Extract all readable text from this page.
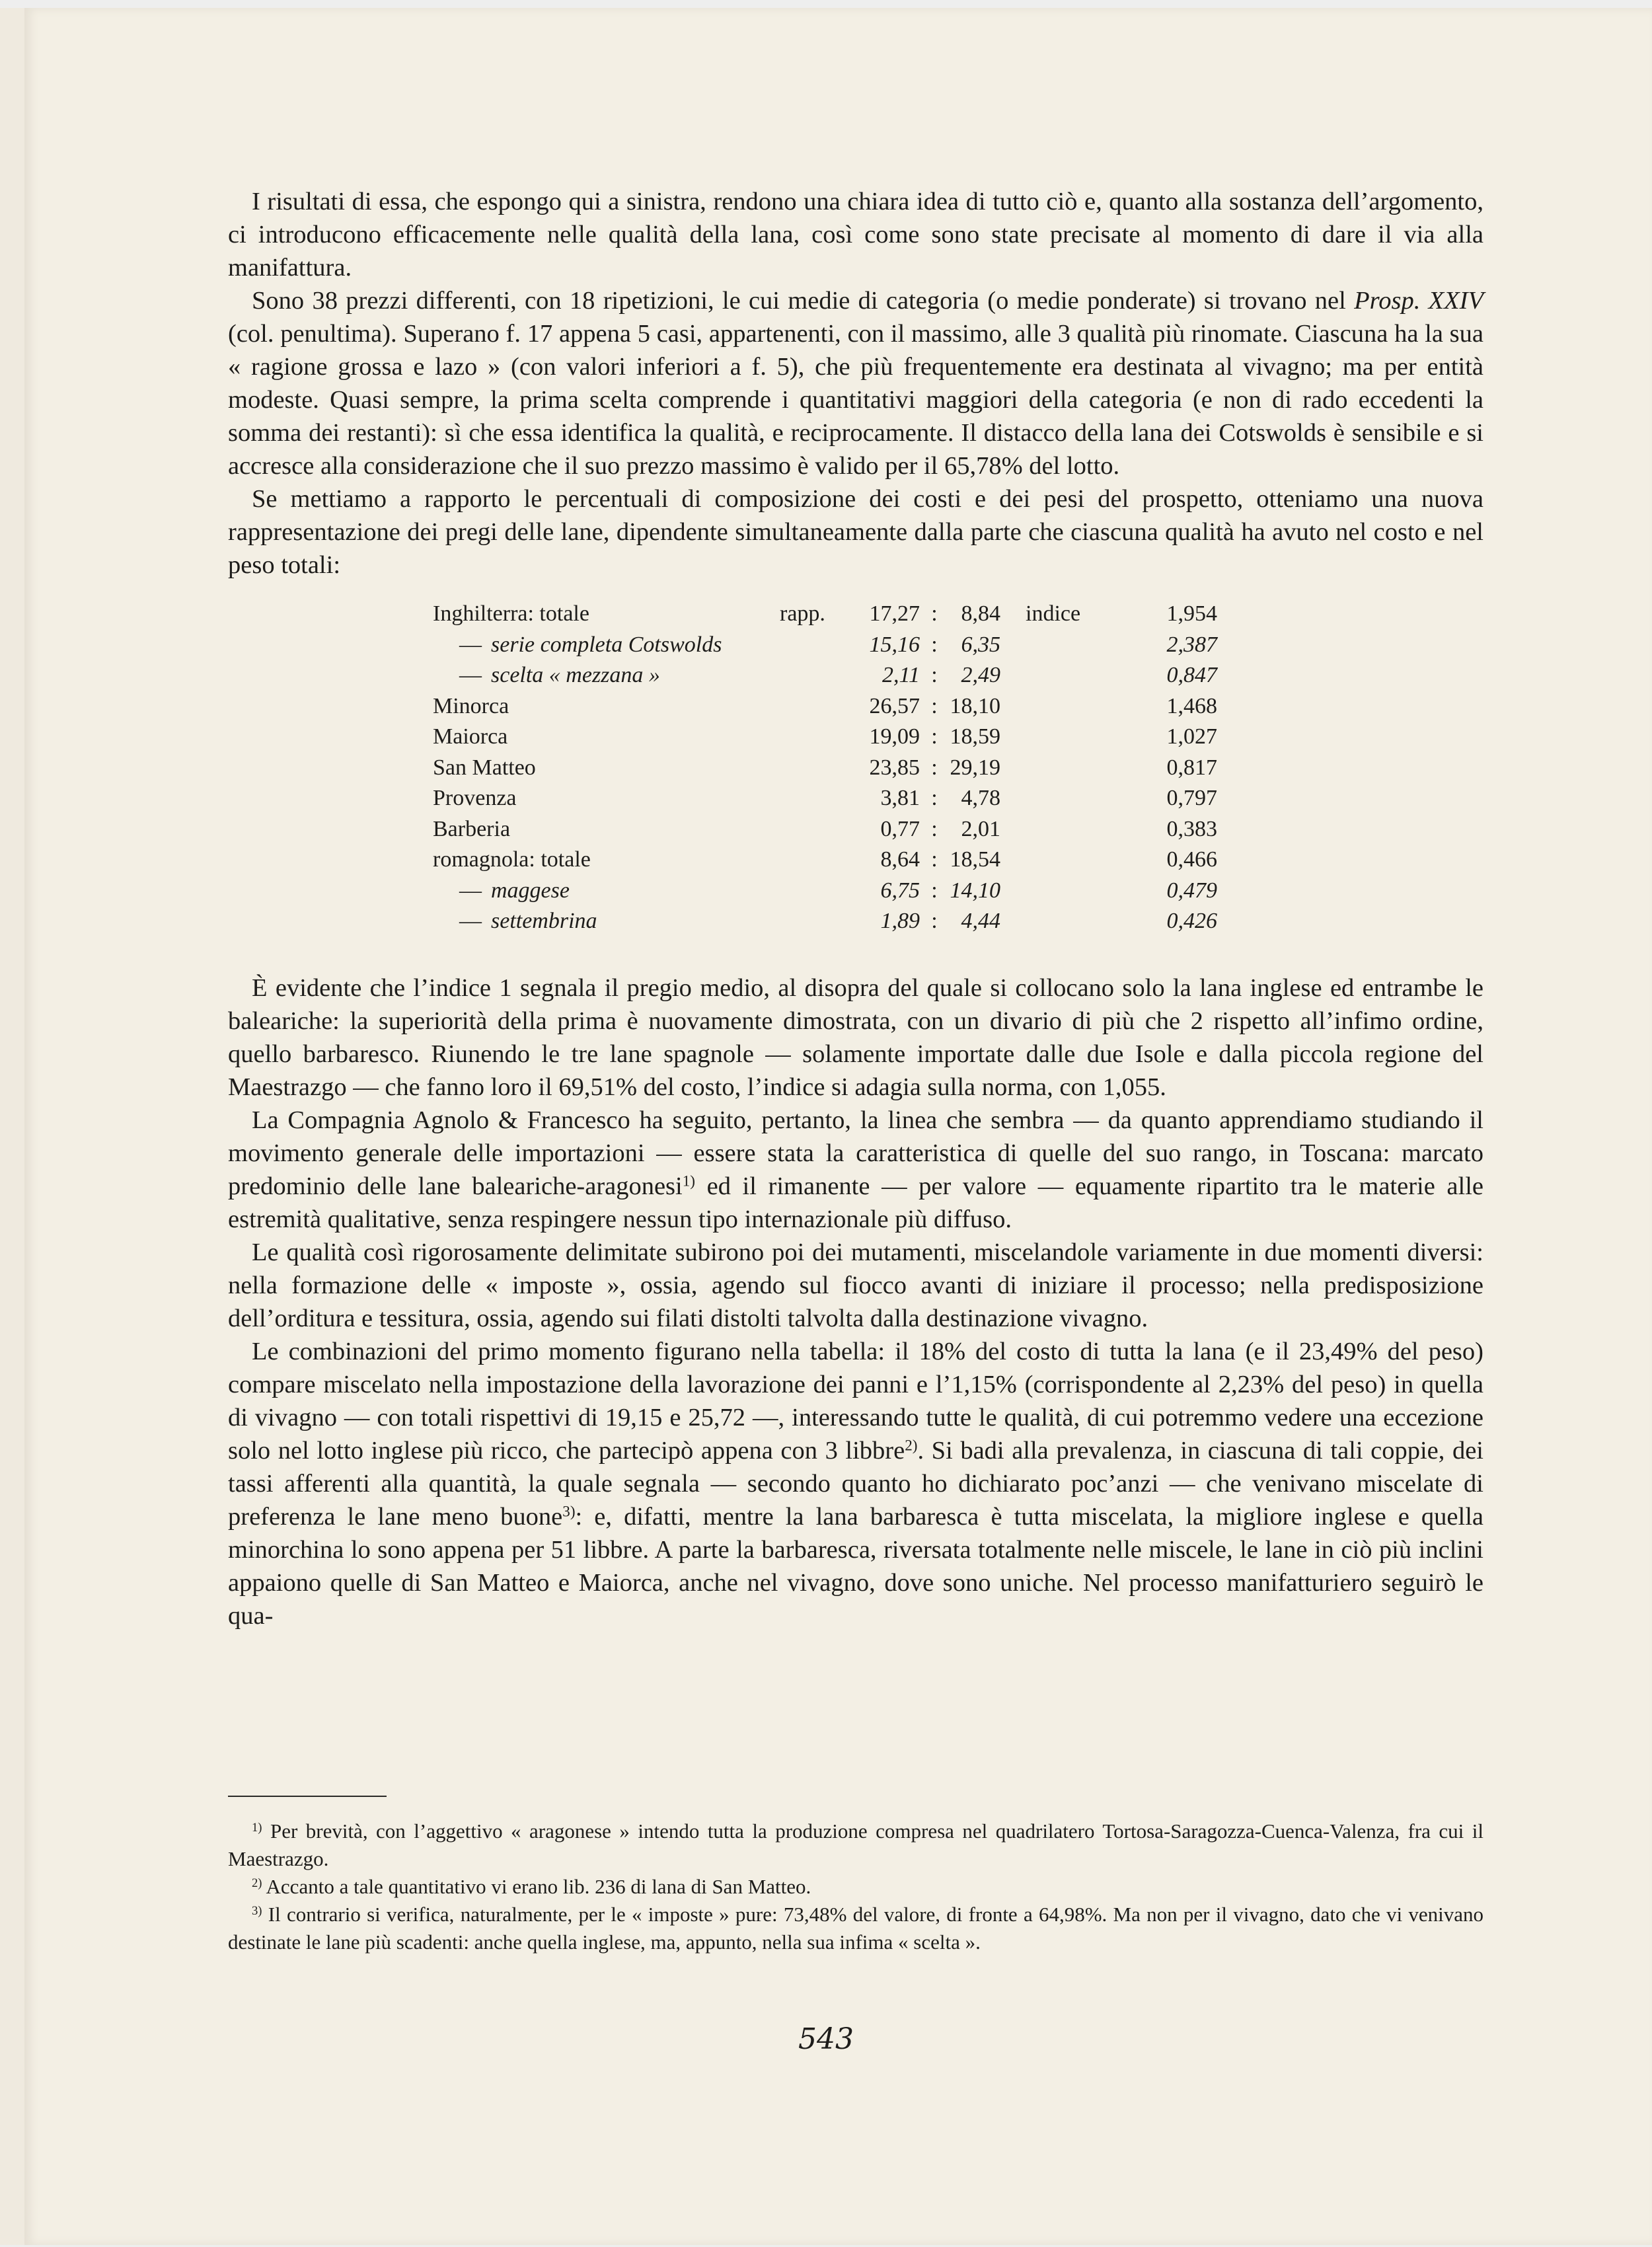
I risultati di essa, che espongo qui a sinistra, rendono una chiara idea di tutto ciò e, quanto alla sostanza dell’argomento, ci introducono efficacemente nelle qualità della lana, così come sono state precisate al momento di dare il via alla manifattura.

Sono 38 prezzi differenti, con 18 ripetizioni, le cui medie di categoria (o medie ponderate) si trovano nel Prosp. XXIV (col. penultima). Superano f. 17 appena 5 casi, appartenenti, con il massimo, alle 3 qualità più rinomate. Ciascuna ha la sua « ragione grossa e lazo » (con valori inferiori a f. 5), che più frequentemente era destinata al vivagno; ma per entità modeste. Quasi sempre, la prima scelta comprende i quantitativi maggiori della categoria (e non di rado eccedenti la somma dei restanti): sì che essa identifica la qualità, e reciprocamente. Il distacco della lana dei Cotswolds è sensibile e si accresce alla considerazione che il suo prezzo massimo è valido per il 65,78% del lotto.

Se mettiamo a rapporto le percentuali di composizione dei costi e dei pesi del prospetto, otteniamo una nuova rappresentazione dei pregi delle lane, dipendente simultaneamente dalla parte che ciascuna qualità ha avuto nel costo e nel peso totali:

Inghilterra: totale	rapp.	17,27 :	8,84	indice	1,954
— serie completa Cotswolds	15,16 :	6,35	2,387
— scelta « mezzana »	2,11 :	2,49	0,847
Minorca	26,57 : 18,10	1,468
Maiorca	19,09 : 18,59	1,027
San Matteo	23,85 : 29,19	0,817
Provenza	3,81 :	4,78	0,797
Barberia	0,77 :	2,01	0,383
romagnola: totale	8,64 : 18,54	0,466
— maggese	6,75 : 14,10	0,479
— settembrina	1,89 :	4,44	0,426

È evidente che l’indice 1 segnala il pregio medio, al disopra del quale si collocano solo la lana inglese ed entrambe le baleariche: la superiorità della prima è nuovamente dimostrata, con un divario di più che 2 rispetto all’infimo ordine, quello barbaresco. Riunendo le tre lane spagnole — solamente importate dalle due Isole e dalla piccola regione del Maestrazgo — che fanno loro il 69,51% del costo, l’indice si adagia sulla norma, con 1,055.

La Compagnia Agnolo & Francesco ha seguito, pertanto, la linea che sembra — da quanto apprendiamo studiando il movimento generale delle importazioni — essere stata la caratteristica di quelle del suo rango, in Toscana: marcato predominio delle lane baleariche-aragonesi$^{1)}$ ed il rimanente — per valore — equamente ripartito tra le materie alle estremità qualitative, senza respingere nessun tipo internazionale più diffuso.

Le qualità così rigorosamente delimitate subirono poi dei mutamenti, miscelandole variamente in due momenti diversi: nella formazione delle « imposte », ossia, agendo sul fiocco avanti di iniziare il processo; nella predisposizione dell’orditura e tessitura, ossia, agendo sui filati distolti talvolta dalla destinazione vivagno.

Le combinazioni del primo momento figurano nella tabella: il 18% del costo di tutta la lana (e il 23,49% del peso) compare miscelato nella impostazione della lavorazione dei panni e l’1,15% (corrispondente al 2,23% del peso) in quella di vivagno — con totali rispettivi di 19,15 e 25,72 —, interessando tutte le qualità, di cui potremmo vedere una eccezione solo nel lotto inglese più ricco, che partecipò appena con 3 libbre$^{2)}$. Si badi alla prevalenza, in ciascuna di tali coppie, dei tassi afferenti alla quantità, la quale segnala — secondo quanto ho dichiarato poc’anzi — che venivano miscelate di preferenza le lane meno buone$^{3)}$: e, difatti, mentre la lana barbaresca è tutta miscelata, la migliore inglese e quella minorchina lo sono appena per 51 libbre. A parte la barbaresca, riversata totalmente nelle miscele, le lane in ciò più inclini appaiono quelle di San Matteo e Maiorca, anche nel vivagno, dove sono uniche. Nel processo manifatturiero seguirò le qua-

$^{1)}$ Per brevità, con l’aggettivo « aragonese » intendo tutta la produzione compresa nel quadrilatero Tortosa-Saragozza-Cuenca-Valenza, fra cui il Maestrazgo.

$^{2)}$ Accanto a tale quantitativo vi erano lib. 236 di lana di San Matteo.

$^{3)}$ Il contrario si verifica, naturalmente, per le « imposte » pure: 73,48% del valore, di fronte a 64,98%. Ma non per il vivagno, dato che vi venivano destinate le lane più scadenti: anche quella inglese, ma, appunto, nella sua infima « scelta ».

543
